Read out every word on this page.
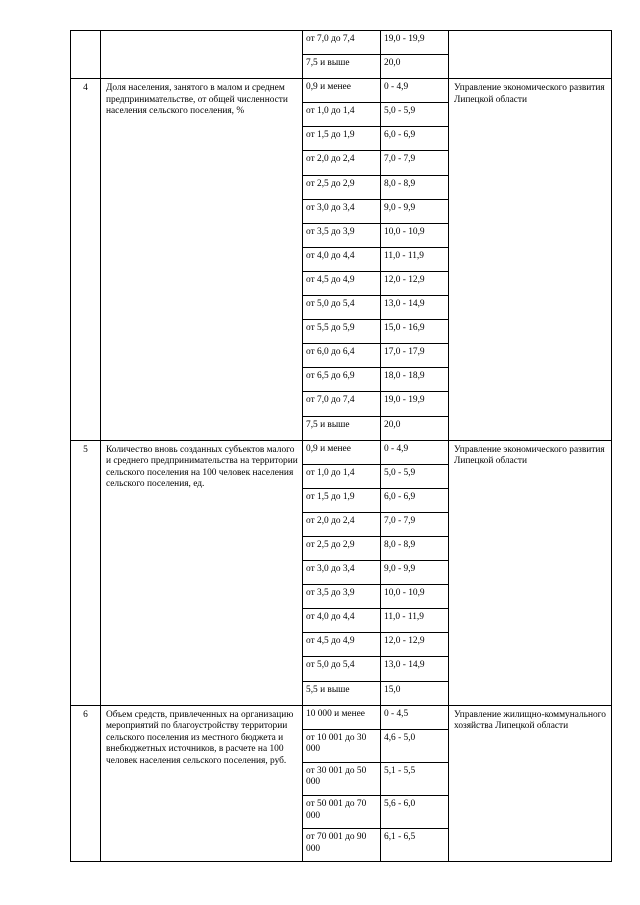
		от 7,0 до 7,4	19,0 - 19,9	
		7,5 и выше	20,0	
4	Доля населения, занятого в малом и среднем предпринимательстве, от общей численности населения сельского поселения, %	0,9 и менее	0 - 4,9	Управление экономического развития Липецкой области
		от 1,0 до 1,4	5,0 - 5,9	
		от 1,5 до 1,9	6,0 - 6,9	
		от 2,0 до 2,4	7,0 - 7,9	
		от 2,5 до 2,9	8,0 - 8,9	
		от 3,0 до 3,4	9,0 - 9,9	
		от 3,5 до 3,9	10,0 - 10,9	
		от 4,0 до 4,4	11,0 - 11,9	
		от 4,5 до 4,9	12,0 - 12,9	
		от 5,0 до 5,4	13,0 - 14,9	
		от 5,5 до 5,9	15,0 - 16,9	
		от 6,0 до 6,4	17,0 - 17,9	
		от 6,5 до 6,9	18,0 - 18,9	
		от 7,0 до 7,4	19,0 - 19,9	
		7,5 и выше	20,0	
5	Количество вновь созданных субъектов малого и среднего предпринимательства на территории сельского поселения на 100 человек населения сельского поселения, ед.	0,9 и менее	0 - 4,9	Управление экономического развития Липецкой области
		от 1,0 до 1,4	5,0 - 5,9	
		от 1,5 до 1,9	6,0 - 6,9	
		от 2,0 до 2,4	7,0 - 7,9	
		от 2,5 до 2,9	8,0 - 8,9	
		от 3,0 до 3,4	9,0 - 9,9	
		от 3,5 до 3,9	10,0 - 10,9	
		от 4,0 до 4,4	11,0 - 11,9	
		от 4,5 до 4,9	12,0 - 12,9	
		от 5,0 до 5,4	13,0 - 14,9	
		5,5 и выше	15,0	
6	Объем средств, привлеченных на организацию мероприятий по благоустройству территории сельского поселения из местного бюджета и внебюджетных источников, в расчете на 100 человек населения сельского поселения, руб.	10 000 и менее	0 - 4,5	Управление жилищно-коммунального хозяйства Липецкой области
		от 10 001 до 30 000	4,6 - 5,0	
		от 30 001 до 50 000	5,1 - 5,5	
		от 50 001 до 70 000	5,6 - 6,0	
		от 70 001 до 90 000	6,1 - 6,5	
